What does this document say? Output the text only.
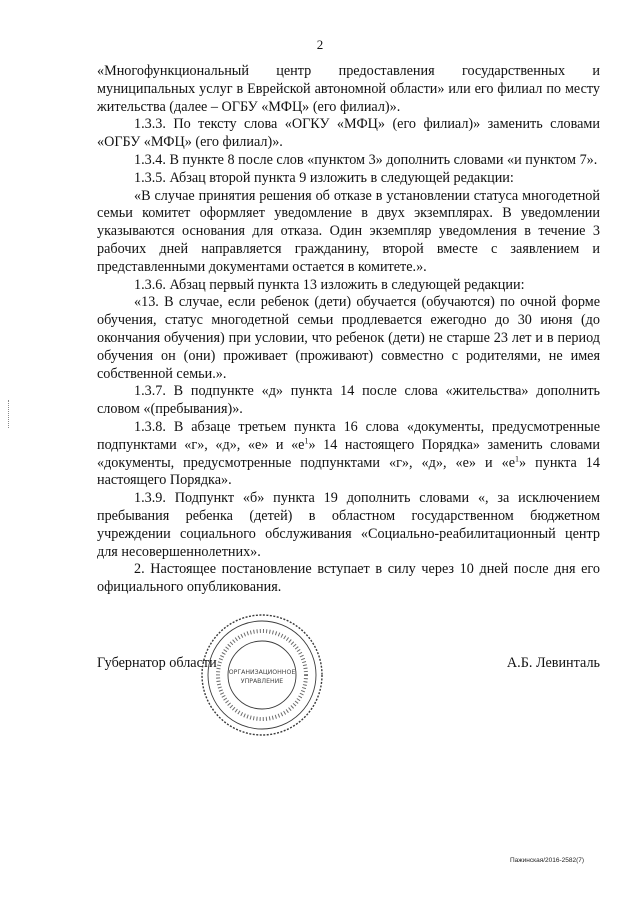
2

«Многофункциональный центр предоставления государственных и муниципальных услуг в Еврейской автономной области» или его филиал по месту жительства (далее – ОГБУ «МФЦ» (его филиал)».

1.3.3. По тексту слова «ОГКУ «МФЦ» (его филиал)» заменить словами «ОГБУ «МФЦ» (его филиал)».

1.3.4. В пункте 8 после слов «пунктом 3» дополнить словами «и пунктом 7».

1.3.5. Абзац второй пункта 9 изложить в следующей редакции:

«В случае принятия решения об отказе в установлении статуса многодетной семьи комитет оформляет уведомление в двух экземплярах. В уведомлении указываются основания для отказа. Один экземпляр уведомления в течение 3 рабочих дней направляется гражданину, второй вместе с заявлением и представленными документами остается в комитете.».

1.3.6. Абзац первый пункта 13 изложить в следующей редакции:

«13. В случае, если ребенок (дети) обучается (обучаются) по очной форме обучения, статус многодетной семьи продлевается ежегодно до 30 июня (до окончания обучения) при условии, что ребенок (дети) не старше 23 лет и в период обучения он (они) проживает (проживают) совместно с родителями, не имея собственной семьи.».

1.3.7. В подпункте «д» пункта 14 после слова «жительства» дополнить словом «(пребывания)».

1.3.8. В абзаце третьем пункта 16 слова «документы, предусмотренные подпунктами «г», «д», «е» и «$е^1$» 14 настоящего Порядка» заменить словами «документы, предусмотренные подпунктами «г», «д», «е» и «$е^1$» пункта 14 настоящего Порядка».

1.3.9. Подпункт «б» пункта 19 дополнить словами «, за исключением пребывания ребенка (детей) в областном государственном бюджетном учреждении социального обслуживания «Социально-реабилитационный центр для несовершеннолетних».

2. Настоящее постановление вступает в силу через 10 дней после дня его официального опубликования.

ОРГАНИЗАЦИОННОЕ
УПРАВЛЕНИЕ
Губернатор области	А.Б. Левинталь
Пажинская/2016-2582(7)
